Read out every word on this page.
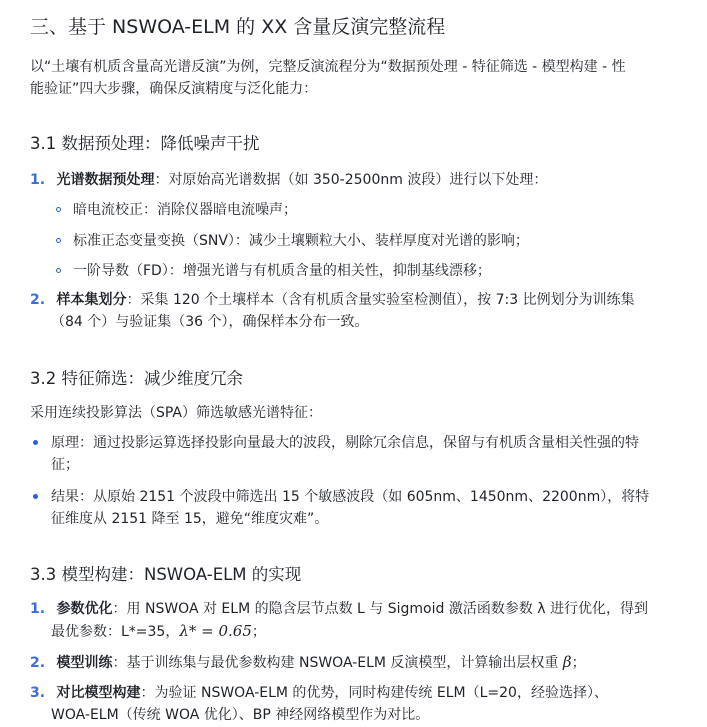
三、基于 NSWOA-ELM 的 XX 含量反演完整流程
以“土壤有机质含量高光谱反演”为例，完整反演流程分为“数据预处理 - 特征筛选 - 模型构建 - 性
能验证”四大步骤，确保反演精度与泛化能力：
3.1 数据预处理：降低噪声干扰
1. 光谱数据预处理：对原始高光谱数据（如 350-2500nm 波段）进行以下处理：
暗电流校正：消除仪器暗电流噪声；
标准正态变量变换（SNV）：减少土壤颗粒大小、装样厚度对光谱的影响；
一阶导数（FD）：增强光谱与有机质含量的相关性，抑制基线漂移；
2. 样本集划分：采集 120 个土壤样本（含有机质含量实验室检测值），按 7:3 比例划分为训练集
（84 个）与验证集（36 个），确保样本分布一致。
3.2 特征筛选：减少维度冗余
采用连续投影算法（SPA）筛选敏感光谱特征：
原理：通过投影运算选择投影向量最大的波段，剔除冗余信息，保留与有机质含量相关性强的特
征；
结果：从原始 2151 个波段中筛选出 15 个敏感波段（如 605nm、1450nm、2200nm），将特
征维度从 2151 降至 15，避免“维度灾难”。
3.3 模型构建：NSWOA-ELM 的实现
1. 参数优化：用 NSWOA 对 ELM 的隐含层节点数 L 与 Sigmoid 激活函数参数 λ 进行优化，得到
最优参数：L*=35，λ* = 0.65；
2. 模型训练：基于训练集与最优参数构建 NSWOA-ELM 反演模型，计算输出层权重 β；
3. 对比模型构建：为验证 NSWOA-ELM 的优势，同时构建传统 ELM（L=20，经验选择）、
WOA-ELM（传统 WOA 优化）、BP 神经网络模型作为对比。
